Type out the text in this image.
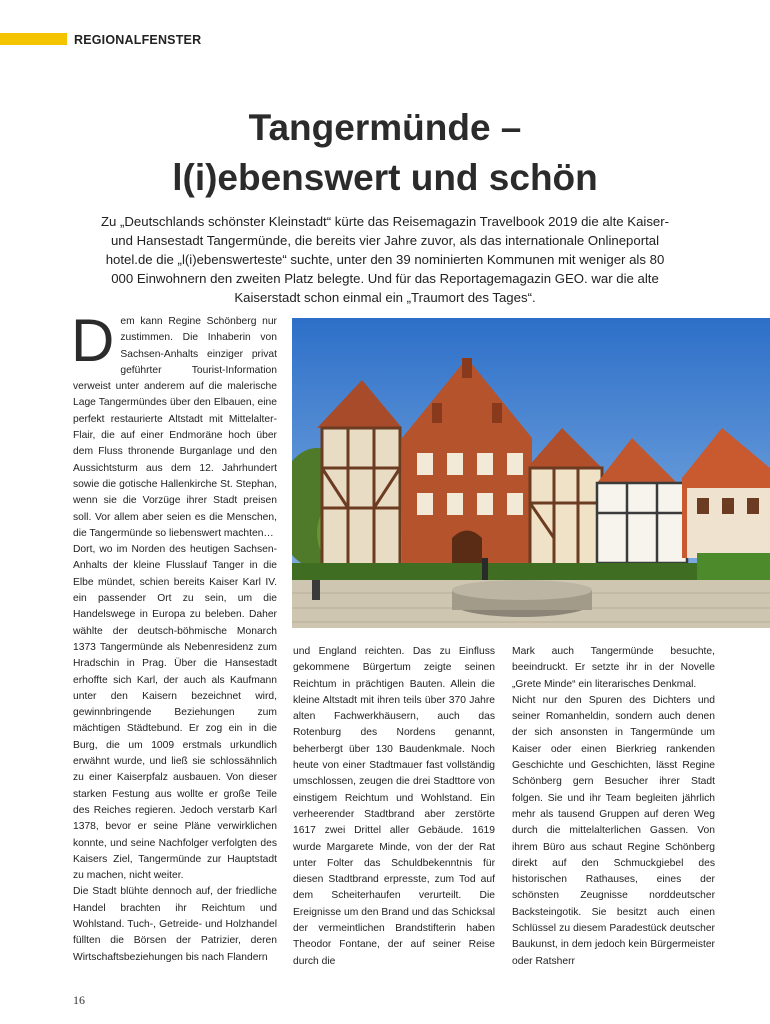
REGIONALFENSTER
Tangermünde –
l(i)ebenswert und schön

Zu „Deutschlands schönster Kleinstadt“ kürte das Reisemagazin Travelbook 2019 die alte Kaiser- und Hansestadt Tangermünde, die bereits vier Jahre zuvor, als das internationale Onlineportal hotel.de die „l(i)ebenswerteste“ suchte, unter den 39 nominierten Kommunen mit weniger als 80 000 Einwohnern den zweiten Platz belegte. Und für das Reportagemagazin GEO. war die alte Kaiserstadt schon einmal ein „Traumort des Tages“.

D em kann Regine Schönberg nur zustimmen. Die Inhaberin von Sachsen-Anhalts einziger privat geführter Tourist-Information verweist unter anderem auf die malerische Lage Tangermündes über den Elbauen, eine perfekt restaurierte Altstadt mit Mittelalter-Flair, die auf einer Endmoräne hoch über dem Fluss thronende Burganlage und den Aussichtsturm aus dem 12. Jahrhundert sowie die gotische Hallenkirche St. Stephan, wenn sie die Vorzüge ihrer Stadt preisen soll. Vor allem aber seien es die Menschen, die Tangermünde so liebenswert machten…

Dort, wo im Norden des heutigen Sachsen-Anhalts der kleine Flusslauf Tanger in die Elbe mündet, schien bereits Kaiser Karl IV. ein passender Ort zu sein, um die Handelswege in Europa zu beleben. Daher wählte der deutsch-böhmische Monarch 1373 Tangermünde als Nebenresidenz zum Hradschin in Prag. Über die Hansestadt erhoffte sich Karl, der auch als Kaufmann unter den Kaisern bezeichnet wird, gewinnbringende Beziehungen zum mächtigen Städtebund. Er zog ein in die Burg, die um 1009 erstmals urkundlich erwähnt wurde, und ließ sie schlossähnlich zu einer Kaiserpfalz ausbauen. Von dieser starken Festung aus wollte er große Teile des Reiches regieren. Jedoch verstarb Karl 1378, bevor er seine Pläne verwirklichen konnte, und seine Nachfolger verfolgten des Kaisers Ziel, Tangermünde zur Hauptstadt zu machen, nicht weiter.

Die Stadt blühte dennoch auf, der friedliche Handel brachten ihr Reichtum und Wohlstand. Tuch-, Getreide- und Holzhandel füllten die Börsen der Patrizier, deren Wirtschaftsbeziehungen bis nach Flandern

und England reichten. Das zu Einfluss gekommene Bürgertum zeigte seinen Reichtum in prächtigen Bauten. Allein die kleine Altstadt mit ihren teils über 370 Jahre alten Fachwerkhäusern, auch das Rotenburg des Nordens genannt, beherbergt über 130 Baudenkmale. Noch heute von einer Stadtmauer fast vollständig umschlossen, zeugen die drei Stadttore von einstigem Reichtum und Wohlstand. Ein verheerender Stadtbrand aber zerstörte 1617 zwei Drittel aller Gebäude. 1619 wurde Margarete Minde, von der der Rat unter Folter das Schuldbekenntnis für diesen Stadtbrand erpresste, zum Tod auf dem Scheiterhaufen verurteilt. Die Ereignisse um den Brand und das Schicksal der vermeintlichen Brandstifterin haben Theodor Fontane, der auf seiner Reise durch die

Mark auch Tangermünde besuchte, beeindruckt. Er setzte ihr in der Novelle „Grete Minde“ ein literarisches Denkmal.

Nicht nur den Spuren des Dichters und seiner Romanheldin, sondern auch denen der sich ansonsten in Tangermünde um Kaiser oder einen Bierkrieg rankenden Geschichte und Geschichten, lässt Regine Schönberg gern Besucher ihrer Stadt folgen. Sie und ihr Team begleiten jährlich mehr als tausend Gruppen auf deren Weg durch die mittelalterlichen Gassen. Von ihrem Büro aus schaut Regine Schönberg direkt auf den Schmuckgiebel des historischen Rathauses, eines der schönsten Zeugnisse norddeutscher Backsteingotik. Sie besitzt auch einen Schlüssel zu diesem Paradestück deutscher Baukunst, in dem jedoch kein Bürgermeister oder Ratsherr

16
